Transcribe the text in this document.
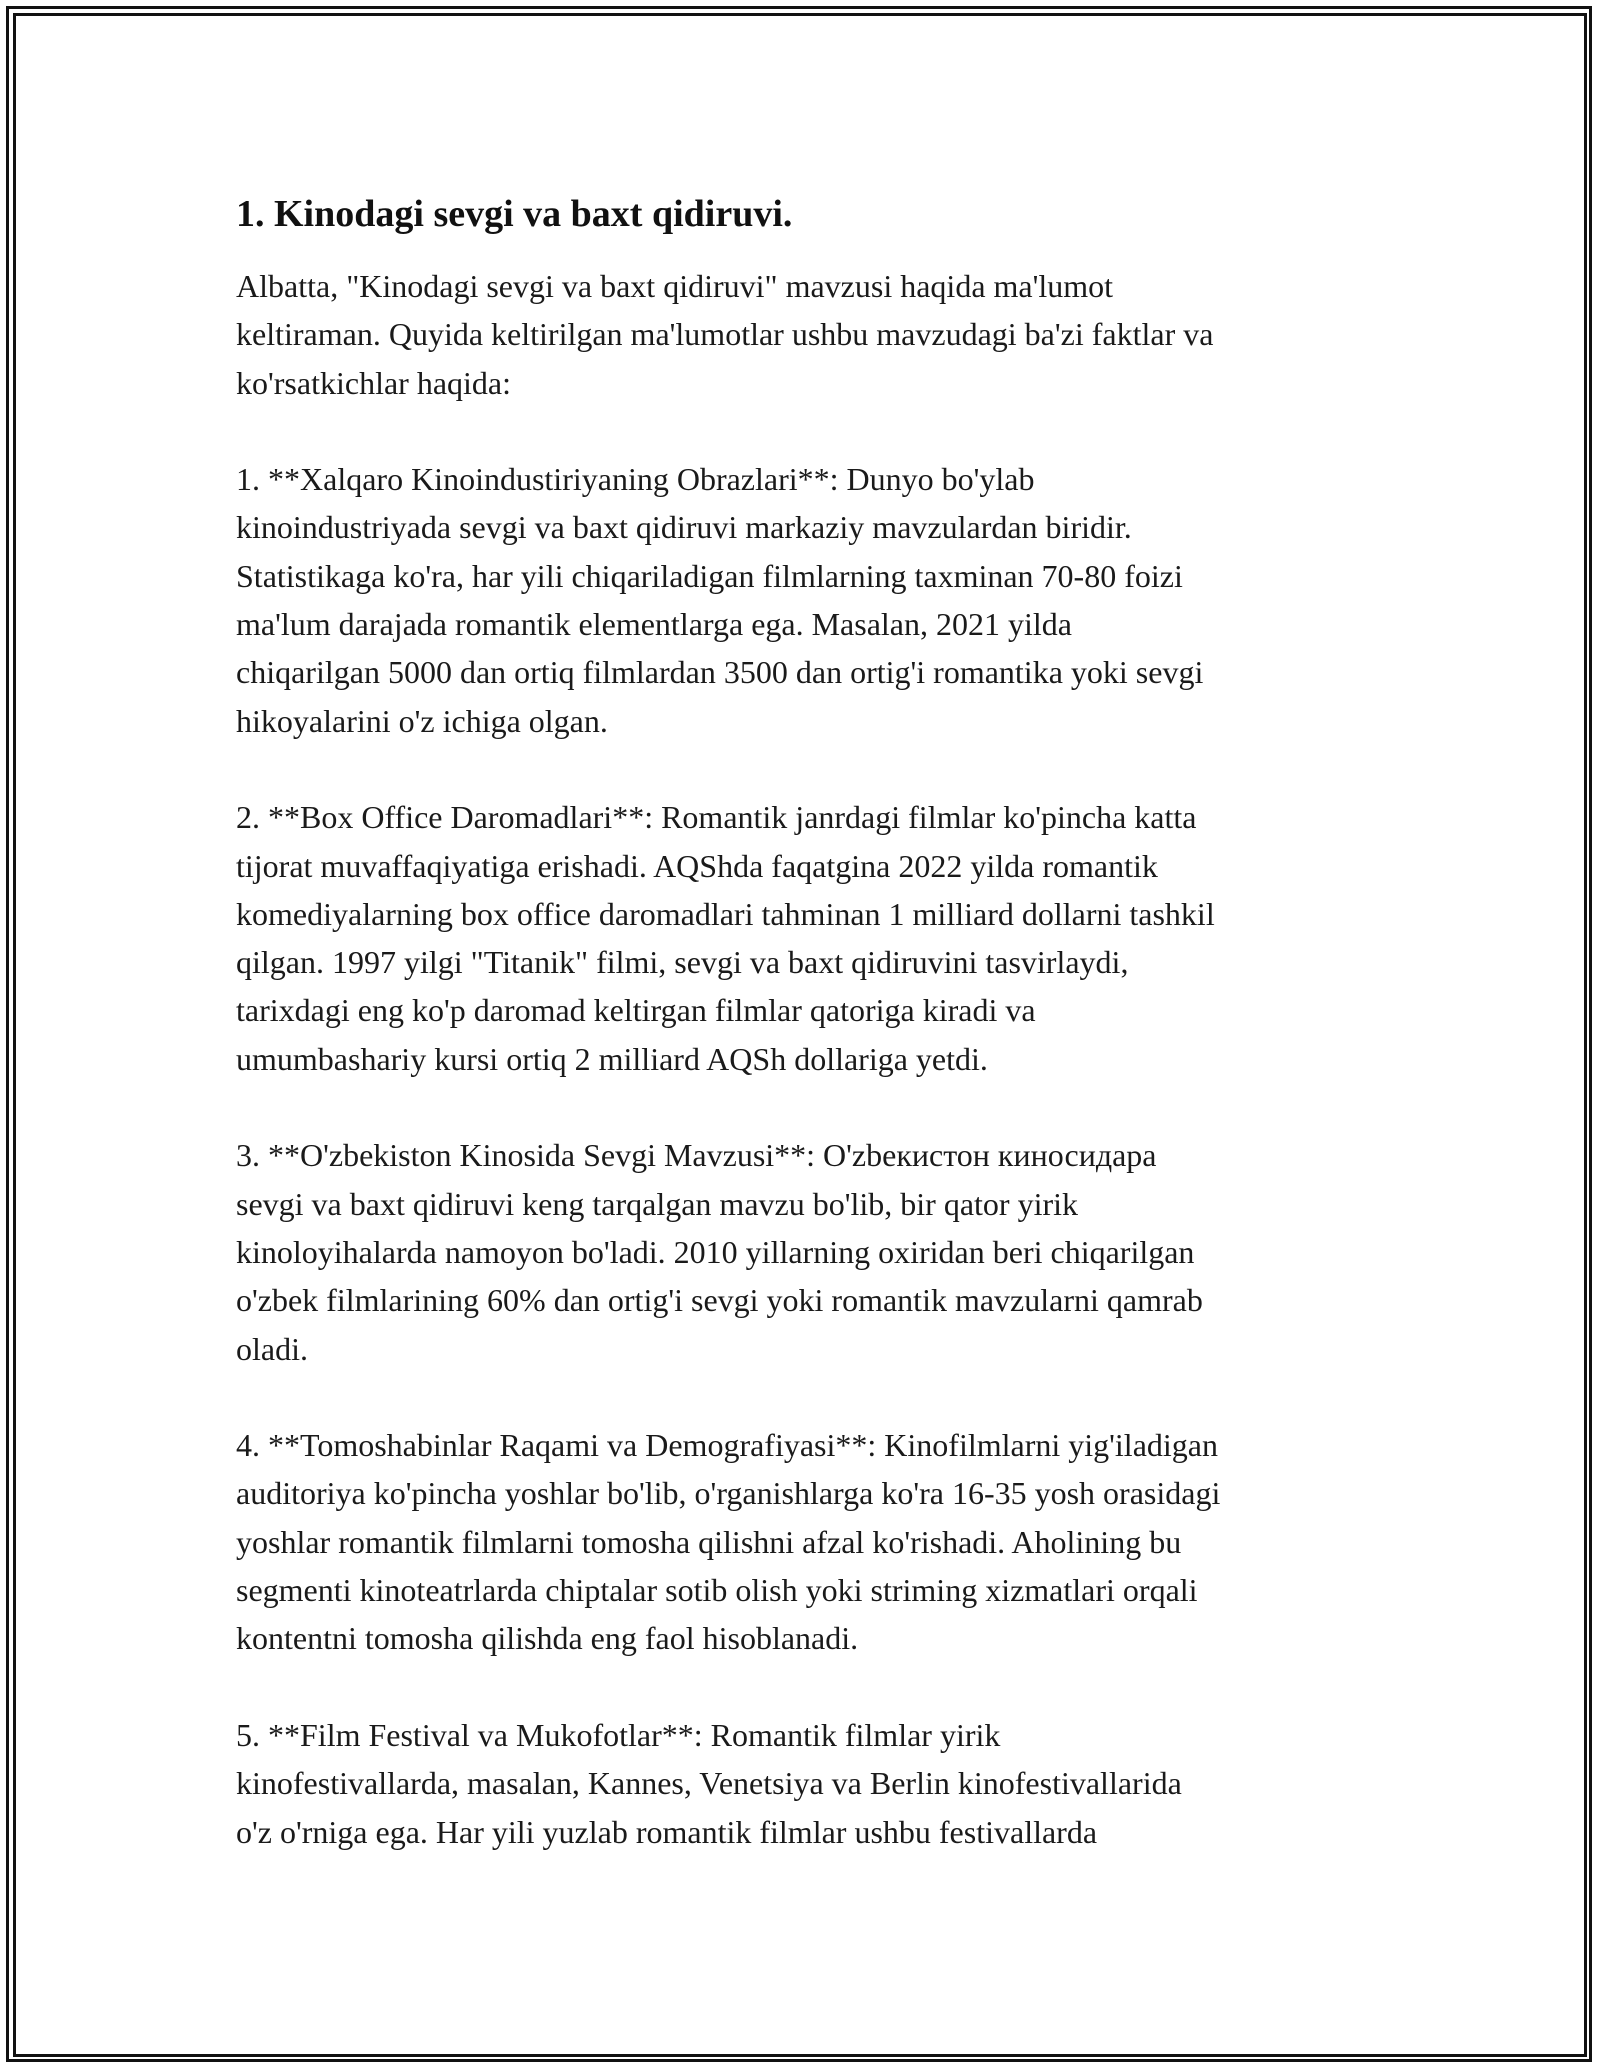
1. Kinodagi sevgi va baxt qidiruvi.

Albatta, "Kinodagi sevgi va baxt qidiruvi" mavzusi haqida ma'lumot
keltiraman. Quyida keltirilgan ma'lumotlar ushbu mavzudagi ba'zi faktlar va
ko'rsatkichlar haqida:

1. **Xalqaro Kinoindustiriyaning Obrazlari**: Dunyo bo'ylab
kinoindustriyada sevgi va baxt qidiruvi markaziy mavzulardan biridir.
Statistikaga ko'ra, har yili chiqariladigan filmlarning taxminan 70-80 foizi
ma'lum darajada romantik elementlarga ega. Masalan, 2021 yilda
chiqarilgan 5000 dan ortiq filmlardan 3500 dan ortig'i romantika yoki sevgi
hikoyalarini o'z ichiga olgan.

2. **Box Office Daromadlari**: Romantik janrdagi filmlar ko'pincha katta
tijorat muvaffaqiyatiga erishadi. AQShda faqatgina 2022 yilda romantik
komediyalarning box office daromadlari tahminan 1 milliard dollarni tashkil
qilgan. 1997 yilgi "Titanik" filmi, sevgi va baxt qidiruvini tasvirlaydi,
tarixdagi eng ko'p daromad keltirgan filmlar qatoriga kiradi va
umumbashariy kursi ortiq 2 milliard AQSh dollariga yetdi.

3. **O'zbekiston Kinosida Sevgi Mavzusi**: O'zbекистон киносидара
sevgi va baxt qidiruvi keng tarqalgan mavzu bo'lib, bir qator yirik
kinoloyihalarda namoyon bo'ladi. 2010 yillarning oxiridan beri chiqarilgan
o'zbek filmlarining 60% dan ortig'i sevgi yoki romantik mavzularni qamrab
oladi.

4. **Tomoshabinlar Raqami va Demografiyasi**: Kinofilmlarni yig'iladigan
auditoriya ko'pincha yoshlar bo'lib, o'rganishlarga ko'ra 16-35 yosh orasidagi
yoshlar romantik filmlarni tomosha qilishni afzal ko'rishadi. Aholining bu
segmenti kinoteatrlarda chiptalar sotib olish yoki striming xizmatlari orqali
kontentni tomosha qilishda eng faol hisoblanadi.

5. **Film Festival va Mukofotlar**: Romantik filmlar yirik
kinofestivallarda, masalan, Kannes, Venetsiya va Berlin kinofestivallarida
o'z o'rniga ega. Har yili yuzlab romantik filmlar ushbu festivallarda
